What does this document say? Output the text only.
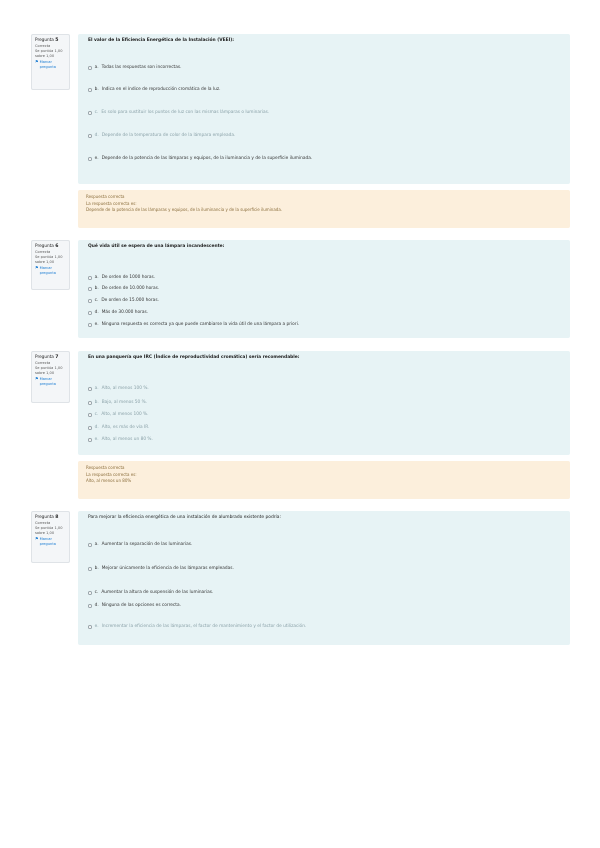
Pregunta 5
Correcta
Se puntúa 1,00 sobre 1,00
⚑ Marcar pregunta
El valor de la Eficiencia Energética de la Instalación (VEEI):
a. Todas las respuestas son incorrectas.
b. Indica en el índice de reproducción cromática de la luz.
c. Es solo para sustituir los puntos de luz con las mismas lámparas o luminarias.
d. Depende de la temperatura de color de la lámpara empleada.
e. Depende de la potencia de las lámparas y equipos, de la iluminancia y de la superficie iluminada.
Respuesta correcta
La respuesta correcta es:
Depende de la potencia de las lámparas y equipos, de la iluminancia y de la superficie iluminada.
Pregunta 6
Correcta
Se puntúa 1,00 sobre 1,00
⚑ Marcar pregunta
Qué vida útil se espera de una lámpara incandescente:
a. De orden de 1000 horas.
b. De orden de 10.000 horas.
c. De orden de 15.000 horas.
d. Más de 30.000 horas.
e. Ninguna respuesta es correcta ya que puede cambiarse la vida útil de una lámpara a priori.
Pregunta 7
Correcta
Se puntúa 1,00 sobre 1,00
⚑ Marcar pregunta
En una panquería que IRC (Índice de reproductividad cromática) sería recomendable:
a. Alto, al menos 100 %.
b. Bajo, al menos 50 %.
c. Alto, al menos 100 %.
d. Alto, es más de vía IR.
e. Alto, al menos un 80 %.
Respuesta correcta
La respuesta correcta es:
Alto, al menos un 80%
Pregunta 8
Correcta
Se puntúa 1,00 sobre 1,00
⚑ Marcar pregunta
Para mejorar la eficiencia energética de una instalación de alumbrado existente podría:
a. Aumentar la separación de las luminarias.
b. Mejorar únicamente la eficiencia de las lámparas empleadas.
c. Aumentar la altura de suspensión de las luminarias.
d. Ninguna de las opciones es correcta.
e. Incrementar la eficiencia de las lámparas, el factor de mantenimiento y el factor de utilización.
